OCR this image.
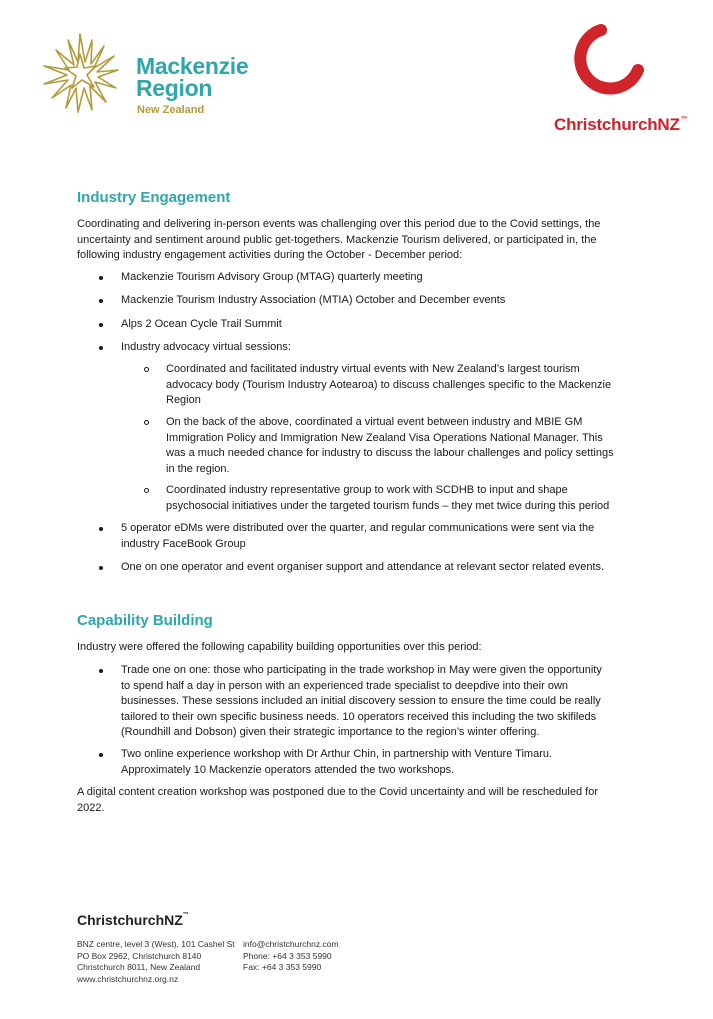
Mackenzie
Region
New Zealand
ChristchurchNZ™
Industry Engagement
Coordinating and delivering in-person events was challenging over this period due to the Covid settings, the
uncertainty and sentiment around public get-togethers. Mackenzie Tourism delivered, or participated in, the
following industry engagement activities during the October - December period:
Mackenzie Tourism Advisory Group (MTAG) quarterly meeting
Mackenzie Tourism Industry Association (MTIA) October and December events
Alps 2 Ocean Cycle Trail Summit
Industry advocacy virtual sessions:
Coordinated and facilitated industry virtual events with New Zealand’s largest tourism
advocacy body (Tourism Industry Aotearoa) to discuss challenges specific to the Mackenzie
Region
On the back of the above, coordinated a virtual event between industry and MBIE GM
Immigration Policy and Immigration New Zealand Visa Operations National Manager. This
was a much needed chance for industry to discuss the labour challenges and policy settings
in the region.
Coordinated industry representative group to work with SCDHB to input and shape
psychosocial initiatives under the targeted tourism funds – they met twice during this period
5 operator eDMs were distributed over the quarter, and regular communications were sent via the
industry FaceBook Group
One on one operator and event organiser support and attendance at relevant sector related events.
Capability Building
Industry were offered the following capability building opportunities over this period:
Trade one on one: those who participating in the trade workshop in May were given the opportunity
to spend half a day in person with an experienced trade specialist to deepdive into their own
businesses. These sessions included an initial discovery session to ensure the time could be really
tailored to their own specific business needs. 10 operators received this including the two skifileds
(Roundhill and Dobson) given their strategic importance to the region’s winter offering.
Two online experience workshop with Dr Arthur Chin, in partnership with Venture Timaru.
Approximately 10 Mackenzie operators attended the two workshops.
A digital content creation workshop was postponed due to the Covid uncertainty and will be rescheduled for
2022.
ChristchurchNZ™
BNZ centre, level 3 (West), 101 Cashel St
PO Box 2962, Christchurch 8140
Christchurch 8011, New Zealand
www.christchurchnz.org.nz
info@christchurchnz.com
Phone: +64 3 353 5990
Fax: +64 3 353 5990
